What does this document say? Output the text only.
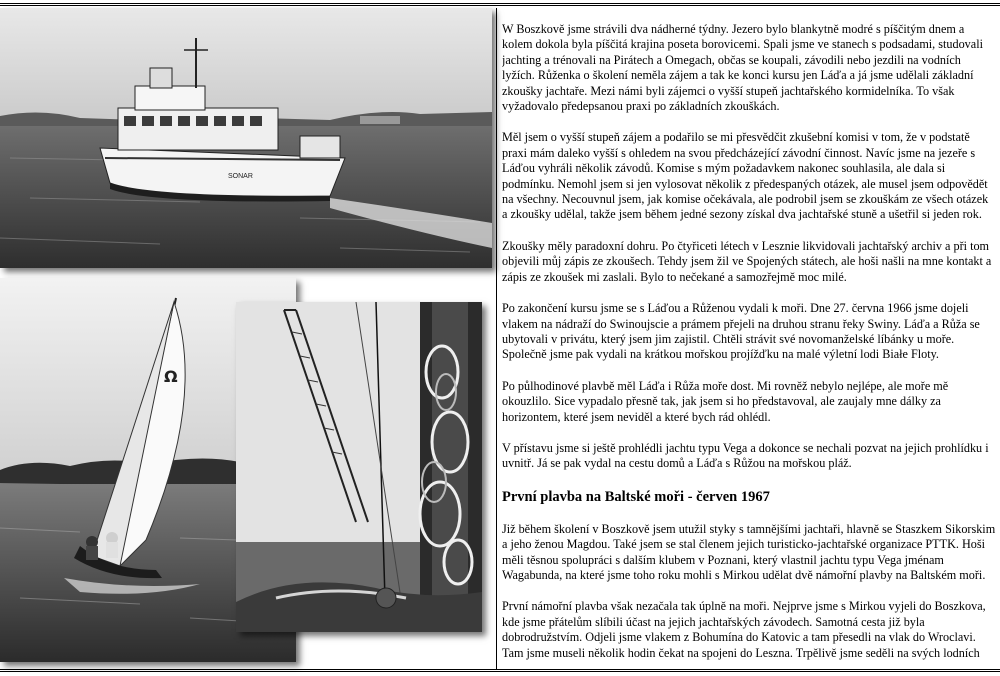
SONAR
Ω

W Boszkově jsme strávili dva nádherné týdny. Jezero bylo blankytně modré s píščitým dnem a kolem dokola byla píščitá krajina poseta borovicemi. Spali jsme ve stanech s podsadami, studovali jachting a trénovali na Pirátech a Omegach, občas se koupali, závodili nebo jezdili na vodních lyžích. Růženka o školení neměla zájem a tak ke konci kursu jen Láďa a já jsme udělali základní zkoušky jachtaře. Mezi námi byli zájemci o vyšší stupeň jachtařského kormidelníka. To však vyžadovalo předepsanou praxi po základních zkouškách.

Měl jsem o vyšší stupeň zájem a podařilo se mi přesvědčit zkušební komisi v tom, že v podstatě praxi mám daleko vyšší s ohledem na svou předcházející závodní činnost. Navíc jsme na jezeře s Láďou vyhráli několik závodů. Komise s mým požadavkem nakonec souhlasila, ale dala si podmínku. Nemohl jsem si jen vylosovat několik z předespaných otázek, ale musel jsem odpovědět na všechny. Necouvnul jsem, jak komise očekávala, ale podrobil jsem se zkouškám ze všech otázek a zkoušky udělal, takže jsem během jedné sezony získal dva jachtařské stuně a ušetřil si jeden rok.

Zkoušky měly paradoxní dohru. Po čtyřiceti létech v Lesznie likvidovali jachtařský archiv a při tom objevili můj zápis ze zkoušech. Tehdy jsem žil ve Spojených státech, ale hoši našli na mne kontakt a zápis ze zkoušek mi zaslali. Bylo to nečekané a samozřejmě moc milé.

Po zakončení kursu jsme se s Láďou a Růženou vydali k moři. Dne 27. června 1966 jsme dojeli vlakem na nádraží do Swinoujscie a prámem přejeli na druhou stranu řeky Swiny. Láďa a Růža se ubytovali v privátu, který jsem jim zajistil. Chtěli strávit své novomanželské líbánky u moře. Společně jsme pak vydali na krátkou mořskou projížďku na malé výletní lodi Białe Floty.

Po půlhodinové plavbě měl Láďa i Růža moře dost. Mi rovněž nebylo nejlépe, ale moře mě okouzlilo. Sice vypadalo přesně tak, jak jsem si ho představoval, ale zaujaly mne dálky za horizontem, které jsem neviděl a které bych rád ohlédl.

V přístavu jsme si ještě prohlédli jachtu typu Vega a dokonce se nechali pozvat na jejich prohlídku i uvnitř. Já se pak vydal na cestu domů a Láďa s Růžou na mořskou pláž.

První plavba na Baltské moři - červen 1967

Již během školení v Boszkově jsem utužil styky s tamnějšími jachtaři, hlavně se Staszkem Sikorskim a jeho ženou Magdou. Také jsem se stal členem jejich turisticko-jachtařské organizace PTTK. Hoši měli těsnou spolupráci s dalším klubem v Poznani, který vlastnil jachtu typu Vega jménam Wagabunda, na které jsme toho roku mohli s Mirkou udělat dvě námořní plavby na Baltském moři.

První námořní plavba však nezačala tak úplně na moři. Nejprve jsme s Mirkou vyjeli do Boszkova, kde jsme přátelům slíbili účast na jejich jachtařských závodech. Samotná cesta již byla dobrodružstvím. Odjeli jsme vlakem z Bohumína do Katovic a tam přesedli na vlak do Wroclavi. Tam jsme museli několik hodin čekat na spojeni do Leszna. Trpělivě jsme seděli na svých lodních
